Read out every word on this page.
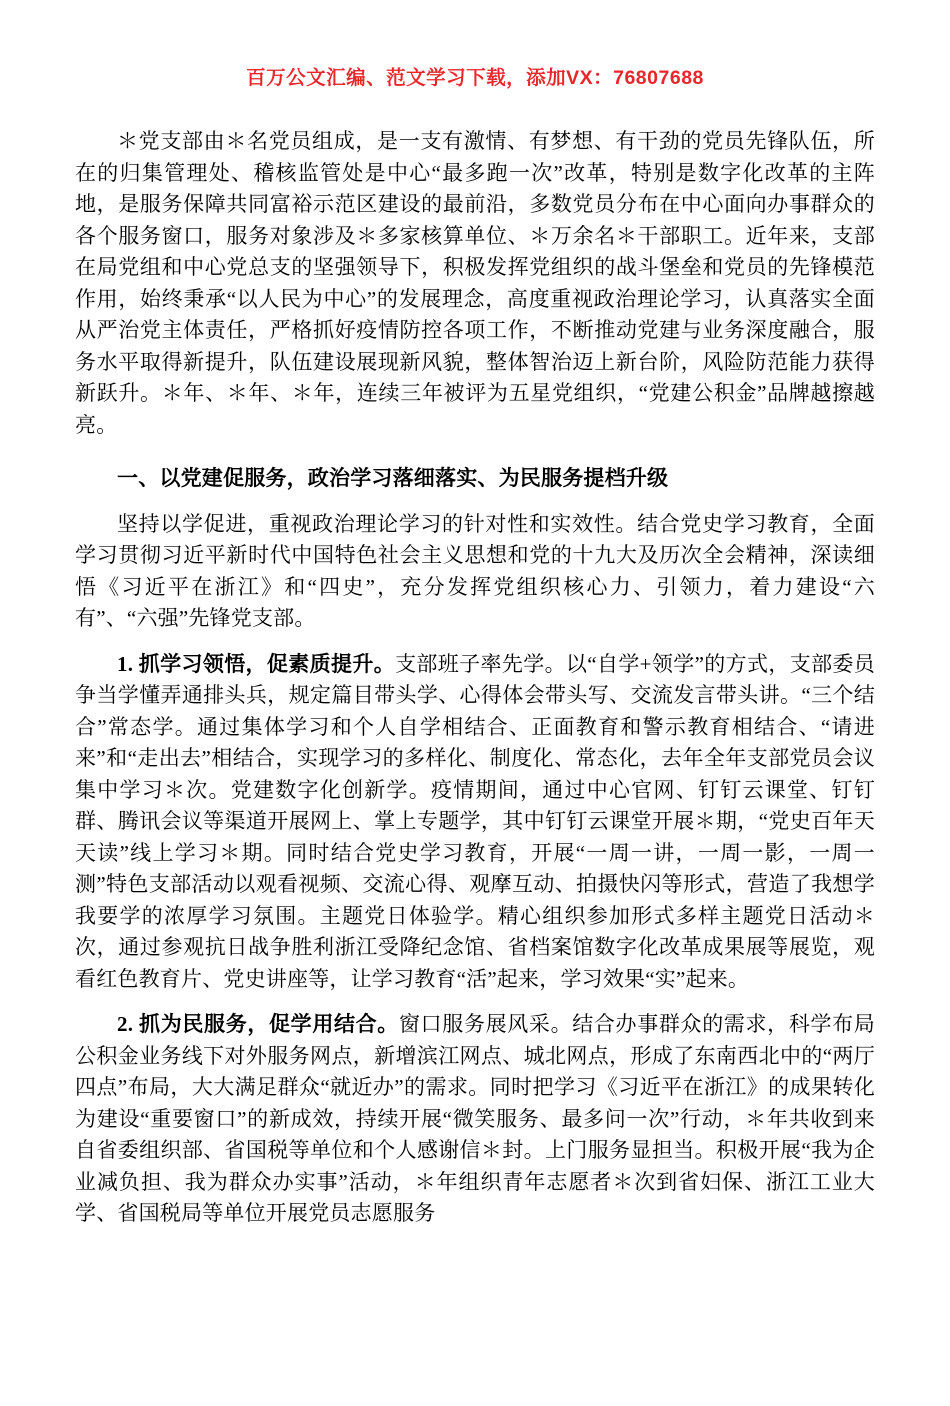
百万公文汇编、范文学习下载，添加VX：76807688

＊党支部由＊名党员组成，是一支有激情、有梦想、有干劲的党员先锋队伍，所在的归集管理处、稽核监管处是中心“最多跑一次”改革，特别是数字化改革的主阵地，是服务保障共同富裕示范区建设的最前沿，多数党员分布在中心面向办事群众的各个服务窗口，服务对象涉及＊多家核算单位、＊万余名＊干部职工。近年来，支部在局党组和中心党总支的坚强领导下，积极发挥党组织的战斗堡垒和党员的先锋模范作用，始终秉承“以人民为中心”的发展理念，高度重视政治理论学习，认真落实全面从严治党主体责任，严格抓好疫情防控各项工作，不断推动党建与业务深度融合，服务水平取得新提升，队伍建设展现新风貌，整体智治迈上新台阶，风险防范能力获得新跃升。＊年、＊年、＊年，连续三年被评为五星党组织，“党建公积金”品牌越擦越亮。

一、以党建促服务，政治学习落细落实、为民服务提档升级

坚持以学促进，重视政治理论学习的针对性和实效性。结合党史学习教育，全面学习贯彻习近平新时代中国特色社会主义思想和党的十九大及历次全会精神，深读细悟《习近平在浙江》和“四史”，充分发挥党组织核心力、引领力，着力建设“六有”、“六强”先锋党支部。

1. 抓学习领悟，促素质提升。支部班子率先学。以“自学+领学”的方式，支部委员争当学懂弄通排头兵，规定篇目带头学、心得体会带头写、交流发言带头讲。“三个结合”常态学。通过集体学习和个人自学相结合、正面教育和警示教育相结合、“请进来”和“走出去”相结合，实现学习的多样化、制度化、常态化，去年全年支部党员会议集中学习＊次。党建数字化创新学。疫情期间，通过中心官网、钉钉云课堂、钉钉群、腾讯会议等渠道开展网上、掌上专题学，其中钉钉云课堂开展＊期，“党史百年天天读”线上学习＊期。同时结合党史学习教育，开展“一周一讲，一周一影，一周一测”特色支部活动以观看视频、交流心得、观摩互动、拍摄快闪等形式，营造了我想学我要学的浓厚学习氛围。主题党日体验学。精心组织参加形式多样主题党日活动＊次，通过参观抗日战争胜利浙江受降纪念馆、省档案馆数字化改革成果展等展览，观看红色教育片、党史讲座等，让学习教育“活”起来，学习效果“实”起来。

2. 抓为民服务，促学用结合。窗口服务展风采。结合办事群众的需求，科学布局公积金业务线下对外服务网点，新增滨江网点、城北网点，形成了东南西北中的“两厅四点”布局，大大满足群众“就近办”的需求。同时把学习《习近平在浙江》的成果转化为建设“重要窗口”的新成效，持续开展“微笑服务、最多问一次”行动，＊年共收到来自省委组织部、省国税等单位和个人感谢信＊封。上门服务显担当。积极开展“我为企业减负担、我为群众办实事”活动，＊年组织青年志愿者＊次到省妇保、浙江工业大学、省国税局等单位开展党员志愿服务
